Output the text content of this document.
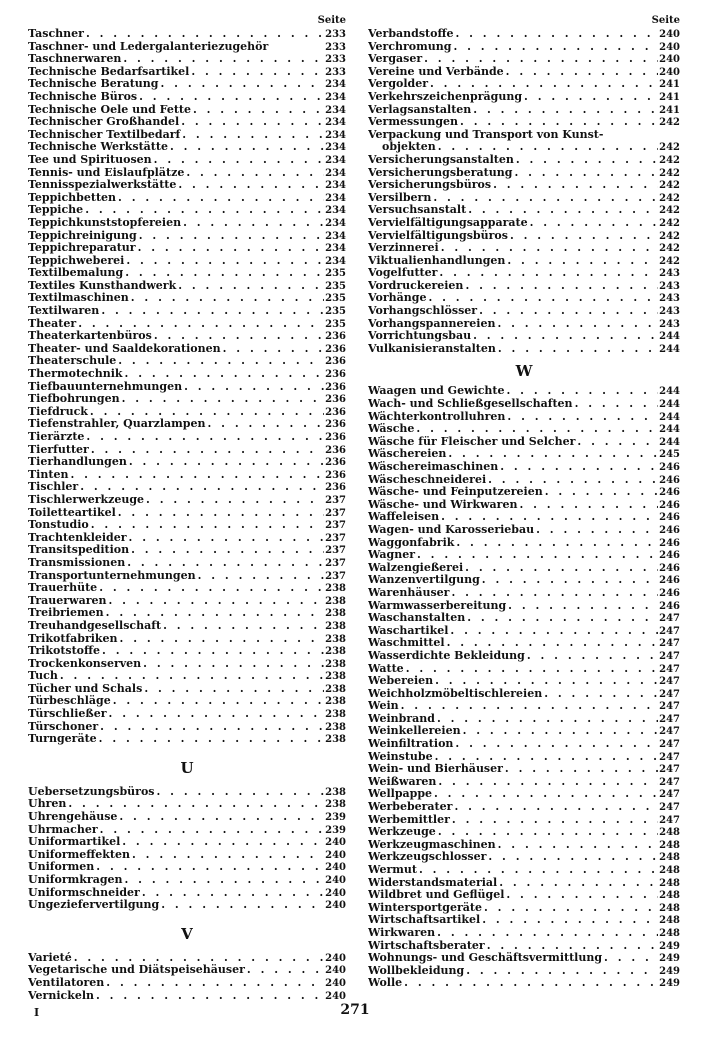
Seite
Taschner . . .	233
Taschner- und Ledergalanteriezugehör	233
Taschnerwaren . . .	233
Technische Bedarfsartikel . . .	233
Technische Beratung . . .	234
Technische Büros . . .	234
Technische Oele und Fette . . .	234
Technischer Großhandel . . .	234
Technischer Textilbedarf . . .	234
Technische Werkstätte . . .	234
Tee und Spirituosen . . .	234
Tennis- und Eislaufplätze . . .	234
Tennisspezialwerkstätte . . .	234
Teppichbetten . . .	234
Teppiche . . .	234
Teppichkunststopfereien . . .	234
Teppichreinigung . . .	234
Teppichreparatur . . .	234
Teppichweberei . . .	234
Textilbemalung . . .	235
Textiles Kunsthandwerk . . .	235
Textilmaschinen . . .	235
Textilwaren . . .	235
Theater . . .	235
Theaterkartenbüros . . .	236
Theater- und Saaldekorationen . . .	236
Theaterschule . . .	236
Thermotechnik . . .	236
Tiefbauunternehmungen . . .	236
Tiefbohrungen . . .	236
Tiefdruck . . .	236
Tiefenstrahler, Quarzlampen . . .	236
Tierärzte . . .	236
Tierfutter . . .	236
Tierhandlungen . . .	236
Tinten . . .	236
Tischler . . .	236
Tischlerwerkzeuge . . .	237
Toiletteartikel . . .	237
Tonstudio . . .	237
Trachtenkleider . . .	237
Transitspedition . . .	237
Transmissionen . . .	237
Transportunternehmungen . . .	237
Trauerhüte . . .	238
Trauerwaren . . .	238
Treibriemen . . .	238
Treuhandgesellschaft . . .	238
Trikotfabriken . . .	238
Trikotstoffe . . .	238
Trockenkonserven . . .	238
Tuch . . .	238
Tücher und Schals . . .	238
Türbeschläge . . .	238
Türschließer . . .	238
Türschoner . . .	238
Turngeräte . . .	238
U
Uebersetzungsbüros . . .	238
Uhren . . .	238
Uhrengehäuse . . .	239
Uhrmacher . . .	239
Uniformartikel . . .	240
Uniformeffekten . . .	240
Uniformen . . .	240
Uniformkragen . . .	240
Uniformschneider . . .	240
Ungeziefervertilgung . . .	240
V
Varieté . . .	240
Vegetarische und Diätspeisehäuser . . .	240
Ventilatoren . . .	240
Vernickeln . . .	240
Seite
Verbandstoffe . . .	240
Verchromung . . .	240
Vergaser . . .	240
Vereine und Verbände . . .	240
Vergolder . . .	241
Verkehrszeichenprägung . . .	241
Verlagsanstalten . . .	241
Vermessungen . . .	242
Verpackung und Transport von Kunst-
objekten . . .	242
Versicherungsanstalten . . .	242
Versicherungsberatung . . .	242
Versicherungsbüros . . .	242
Versilbern . . .	242
Versuchsanstalt . . .	242
Vervielfältigungsapparate . . .	242
Vervielfältigungsbüros . . .	242
Verzinnerei . . .	242
Viktualienhandlungen . . .	242
Vogelfutter . . .	243
Vordruckereien . . .	243
Vorhänge . . .	243
Vorhangschlösser . . .	243
Vorhangspannereien . . .	243
Vorrichtungsbau . . .	244
Vulkanisieranstalten . . .	244
W
Waagen und Gewichte . . .	244
Wach- und Schließgesellschaften . . .	244
Wächterkontrolluhren . . .	244
Wäsche . . .	244
Wäsche für Fleischer und Selcher . . .	244
Wäschereien . . .	245
Wäschereimaschinen . . .	246
Wäscheschneiderei . . .	246
Wäsche- und Feinputzereien . . .	246
Wäsche- und Wirkwaren . . .	246
Waffeleisen . . .	246
Wagen- und Karosseriebau . . .	246
Waggonfabrik . . .	246
Wagner . . .	246
Walzengießerei . . .	246
Wanzenvertilgung . . .	246
Warenhäuser . . .	246
Warmwasserbereitung . . .	246
Waschanstalten . . .	247
Waschartikel . . .	247
Waschmittel . . .	247
Wasserdichte Bekleidung . . .	247
Watte . . .	247
Webereien . . .	247
Weichholzmöbeltischlereien . . .	247
Wein . . .	247
Weinbrand . . .	247
Weinkellereien . . .	247
Weinfiltration . . .	247
Weinstube . . .	247
Wein- und Bierhäuser . . .	247
Weißwaren . . .	247
Wellpappe . . .	247
Werbeberater . . .	247
Werbemittler . . .	247
Werkzeuge . . .	248
Werkzeugmaschinen . . .	248
Werkzeugschlosser . . .	248
Wermut . . .	248
Widerstandsmaterial . . .	248
Wildbret und Geflügel . . .	248
Wintersportgeräte . . .	248
Wirtschaftsartikel . . .	248
Wirkwaren . . .	248
Wirtschaftsberater . . .	249
Wohnungs- und Geschäftsvermittlung . . .	249
Wollbekleidung . . .	249
Wolle . . .	249
I	271
